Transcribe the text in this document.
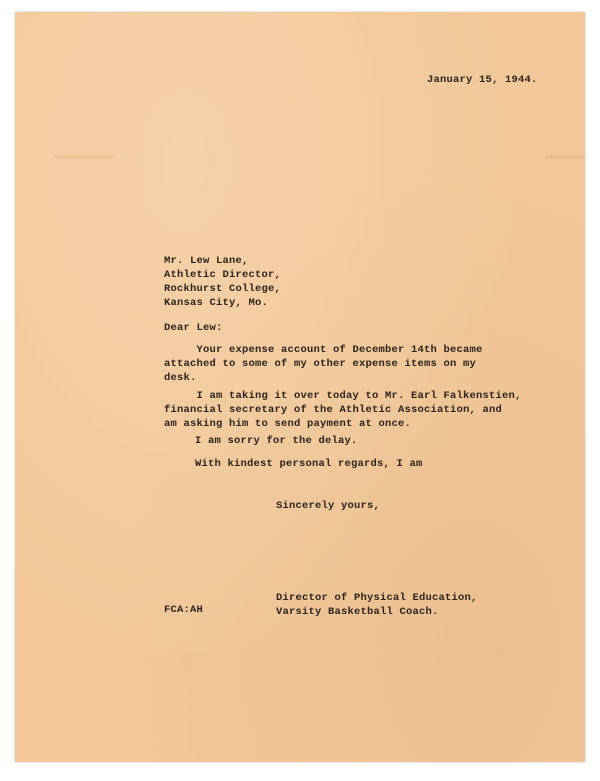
January 15, 1944.
Mr. Lew Lane,
Athletic Director,
Rockhurst College,
Kansas City, Mo.
Dear Lew:
Your expense account of December 14th became
attached to some of my other expense items on my
desk.
I am taking it over today to Mr. Earl Falkenstien,
financial secretary of the Athletic Association, and
am asking him to send payment at once.
I am sorry for the delay.
With kindest personal regards, I am
Sincerely yours,
Director of Physical Education,
Varsity Basketball Coach.
FCA:AH
